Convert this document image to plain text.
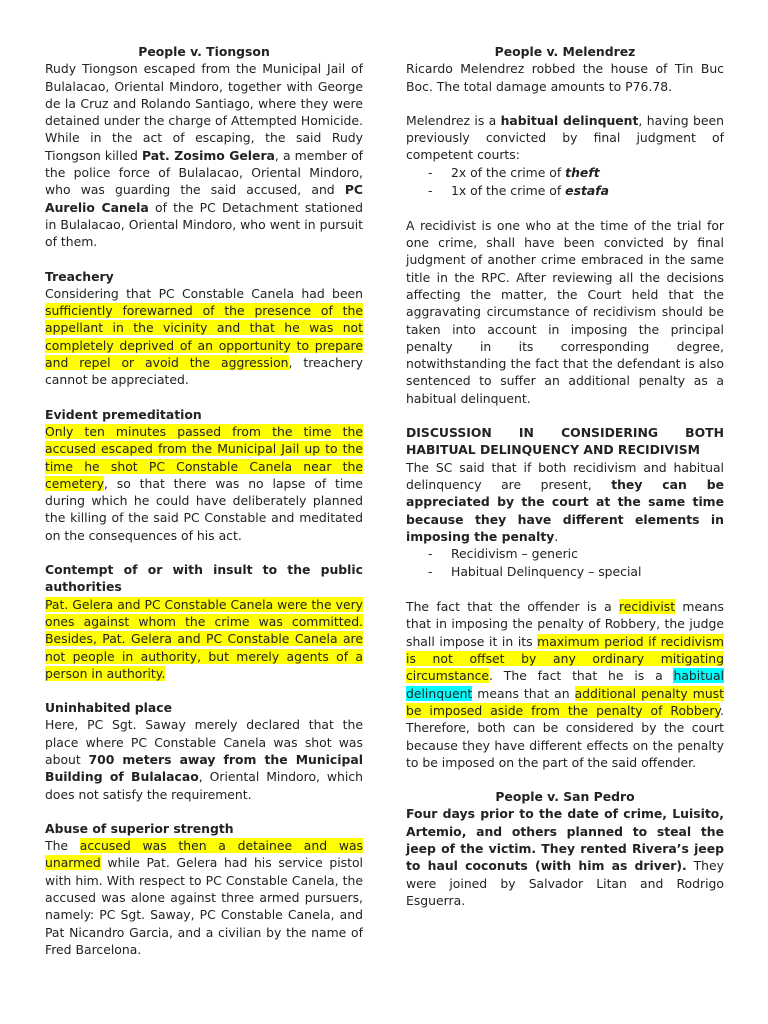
People v. Tiongson

Rudy Tiongson escaped from the Municipal Jail of Bulalacao, Oriental Mindoro, together with George de la Cruz and Rolando Santiago, where they were detained under the charge of Attempted Homicide. While in the act of escaping, the said Rudy Tiongson killed Pat. Zosimo Gelera, a member of the police force of Bulalacao, Oriental Mindoro, who was guarding the said accused, and PC Aurelio Canela of the PC Detachment stationed in Bulalacao, Oriental Mindoro, who went in pursuit of them.

Treachery

Considering that PC Constable Canela had been sufficiently forewarned of the presence of the appellant in the vicinity and that he was not completely deprived of an opportunity to prepare and repel or avoid the aggression, treachery cannot be appreciated.

Evident premeditation

Only ten minutes passed from the time the accused escaped from the Municipal Jail up to the time he shot PC Constable Canela near the cemetery, so that there was no lapse of time during which he could have deliberately planned the killing of the said PC Constable and meditated on the consequences of his act.

Contempt of or with insult to the public authorities

Pat. Gelera and PC Constable Canela were the very ones against whom the crime was committed. Besides, Pat. Gelera and PC Constable Canela are not people in authority, but merely agents of a person in authority.

Uninhabited place

Here, PC Sgt. Saway merely declared that the place where PC Constable Canela was shot was about 700 meters away from the Municipal Building of Bulalacao, Oriental Mindoro, which does not satisfy the requirement.

Abuse of superior strength

The accused was then a detainee and was unarmed while Pat. Gelera had his service pistol with him. With respect to PC Constable Canela, the accused was alone against three armed pursuers, namely: PC Sgt. Saway, PC Constable Canela, and Pat Nicandro Garcia, and a civilian by the name of Fred Barcelona.

People v. Melendrez

Ricardo Melendrez robbed the house of Tin Buc Boc. The total damage amounts to P76.78.

Melendrez is a habitual delinquent, having been previously convicted by final judgment of competent courts:

- 2x of the crime of theft
- 1x of the crime of estafa

A recidivist is one who at the time of the trial for one crime, shall have been convicted by final judgment of another crime embraced in the same title in the RPC. After reviewing all the decisions affecting the matter, the Court held that the aggravating circumstance of recidivism should be taken into account in imposing the principal penalty in its corresponding degree, notwithstanding the fact that the defendant is also sentenced to suffer an additional penalty as a habitual delinquent.

DISCUSSION IN CONSIDERING BOTH
HABITUAL DELINQUENCY AND RECIDIVISM

The SC said that if both recidivism and habitual delinquency are present, they can be appreciated by the court at the same time because they have different elements in imposing the penalty.

- Recidivism – generic
- Habitual Delinquency – special

The fact that the offender is a recidivist means that in imposing the penalty of Robbery, the judge shall impose it in its maximum period if recidivism is not offset by any ordinary mitigating circumstance. The fact that he is a habitual delinquent means that an additional penalty must be imposed aside from the penalty of Robbery. Therefore, both can be considered by the court because they have different effects on the penalty to be imposed on the part of the said offender.

People v. San Pedro

Four days prior to the date of crime, Luisito, Artemio, and others planned to steal the jeep of the victim. They rented Rivera’s jeep to haul coconuts (with him as driver). They were joined by Salvador Litan and Rodrigo Esguerra.
